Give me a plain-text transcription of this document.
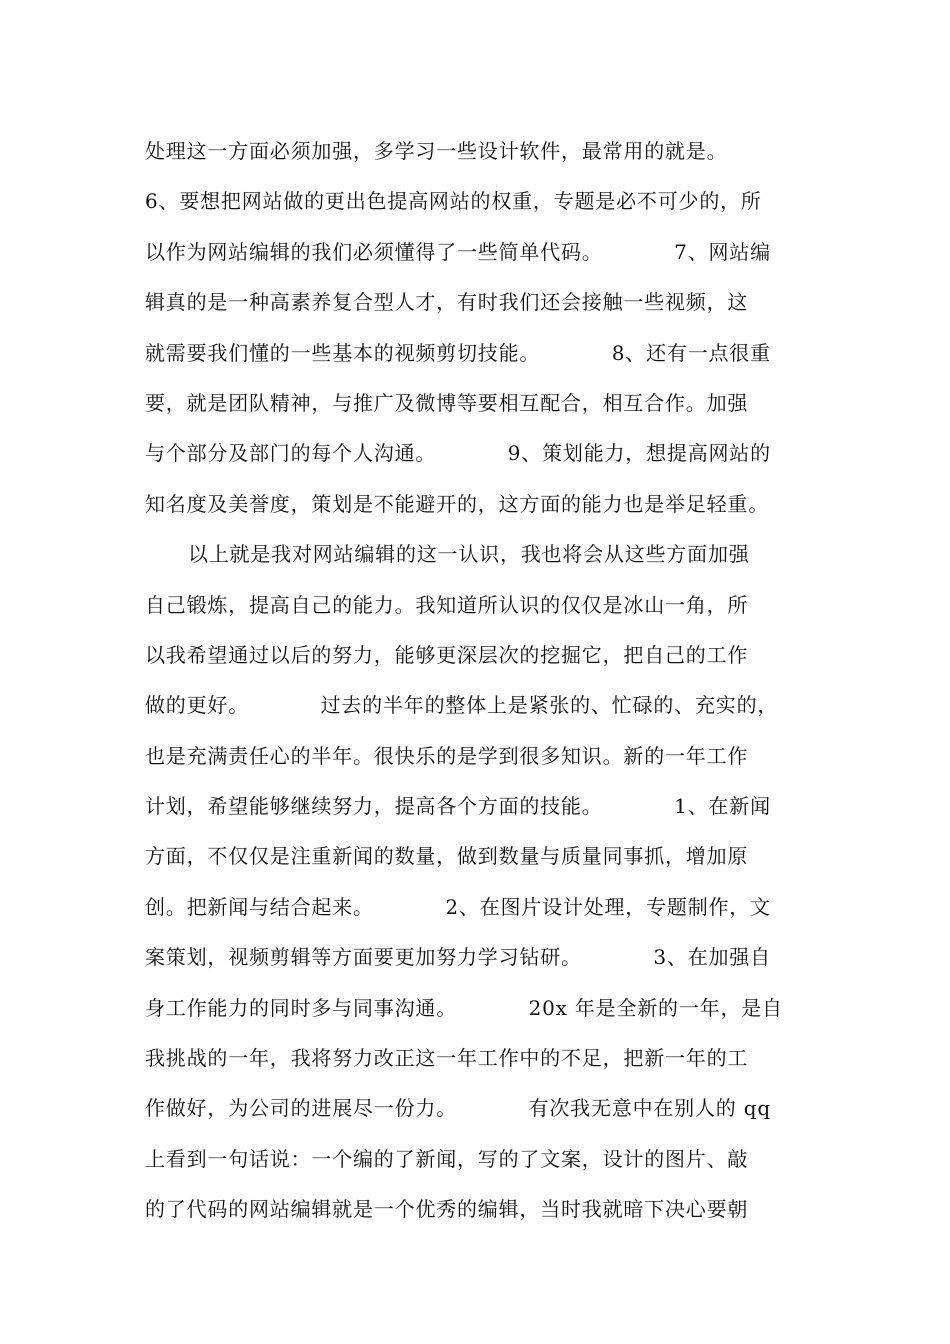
处理这一方面必须加强，多学习一些设计软件，最常用的就是。
6、要想把网站做的更出色提高网站的权重，专题是必不可少的，所
以作为网站编辑的我们必须懂得了一些简单代码。          7、网站编
辑真的是一种高素养复合型人才，有时我们还会接触一些视频，这
就需要我们懂的一些基本的视频剪切技能。          8、还有一点很重
要，就是团队精神，与推广及微博等要相互配合，相互合作。加强
与个部分及部门的每个人沟通。          9、策划能力，想提高网站的
知名度及美誉度，策划是不能避开的，这方面的能力也是举足轻重。
以上就是我对网站编辑的这一认识，我也将会从这些方面加强
自己锻炼，提高自己的能力。我知道所认识的仅仅是冰山一角，所
以我希望通过以后的努力，能够更深层次的挖掘它，把自己的工作
做的更好。          过去的半年的整体上是紧张的、忙碌的、充实的，
也是充满责任心的半年。很快乐的是学到很多知识。新的一年工作
计划，希望能够继续努力，提高各个方面的技能。          1、在新闻
方面，不仅仅是注重新闻的数量，做到数量与质量同事抓，增加原
创。把新闻与结合起来。          2、在图片设计处理，专题制作，文
案策划，视频剪辑等方面要更加努力学习钻研。          3、在加强自
身工作能力的同时多与同事沟通。          20x 年是全新的一年，是自
我挑战的一年，我将努力改正这一年工作中的不足，把新一年的工
作做好，为公司的进展尽一份力。          有次我无意中在别人的 qq
上看到一句话说：一个编的了新闻，写的了文案，设计的图片、敲
的了代码的网站编辑就是一个优秀的编辑，当时我就暗下决心要朝
